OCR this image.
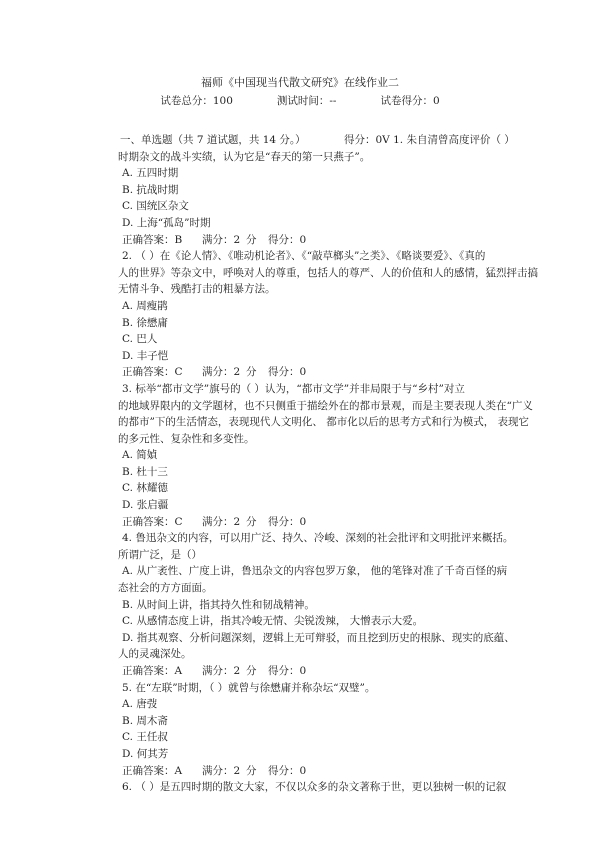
福师《中国现当代散文研究》在线作业二
试卷总分：100	测试时间：--	试卷得分：0
一、单选题（共 7 道试题，共 14 分。）	得分：0V 1. 朱自清曾高度评价（ ）
时期杂文的战斗实绩，认为它是“春天的第一只燕子”。
A. 五四时期
B. 抗战时期
C. 国统区杂文
D. 上海“孤岛”时期
正确答案：B 满分：2 分 得分：0
2. （ ）在《论人情》、《唯动机论者》、《“敲草榔头”之类》、《略谈要爱》、《真的
人的世界》等杂文中，呼唤对人的尊重，包括人的尊严、人的价值和人的感情，猛烈抨击搞
无情斗争、残酷打击的粗暴方法。
A. 周瘦鹃
B. 徐懋庸
C. 巴人
D. 丰子恺
正确答案：C 满分：2 分 得分：0
3. 标举“都市文学”旗号的（ ）认为，“都市文学”并非局限于与“乡村”对立
的地域界限内的文学题材，也不只侧重于描绘外在的都市景观，而是主要表现人类在“广义
的都市”下的生活情态，表现现代人文明化、 都市化以后的思考方式和行为模式， 表现它
的多元性、复杂性和多变性。
A. 简媜
B. 杜十三
C. 林耀德
D. 张启疆
正确答案：C 满分：2 分 得分：0
4. 鲁迅杂文的内容，可以用广泛、持久、冷峻、深刻的社会批评和文明批评来概括。
所谓广泛，是（）
A. 从广袤性、广度上讲，鲁迅杂文的内容包罗万象， 他的笔锋对准了千奇百怪的病
态社会的方方面面。
B. 从时间上讲，指其持久性和韧战精神。
C. 从感情态度上讲，指其冷峻无情、尖锐泼辣， 大憎表示大爱。
D. 指其观察、分析问题深刻，逻辑上无可辩驳，而且挖到历史的根脉、现实的底蕴、
人的灵魂深处。
正确答案：A 满分：2 分 得分：0
5. 在“左联”时期，（ ）就曾与徐懋庸并称杂坛“双璧”。
A. 唐弢
B. 周木斋
C. 王任叔
D. 何其芳
正确答案：A 满分：2 分 得分：0
6. （ ）是五四时期的散文大家，不仅以众多的杂文著称于世，更以独树一帜的记叙
